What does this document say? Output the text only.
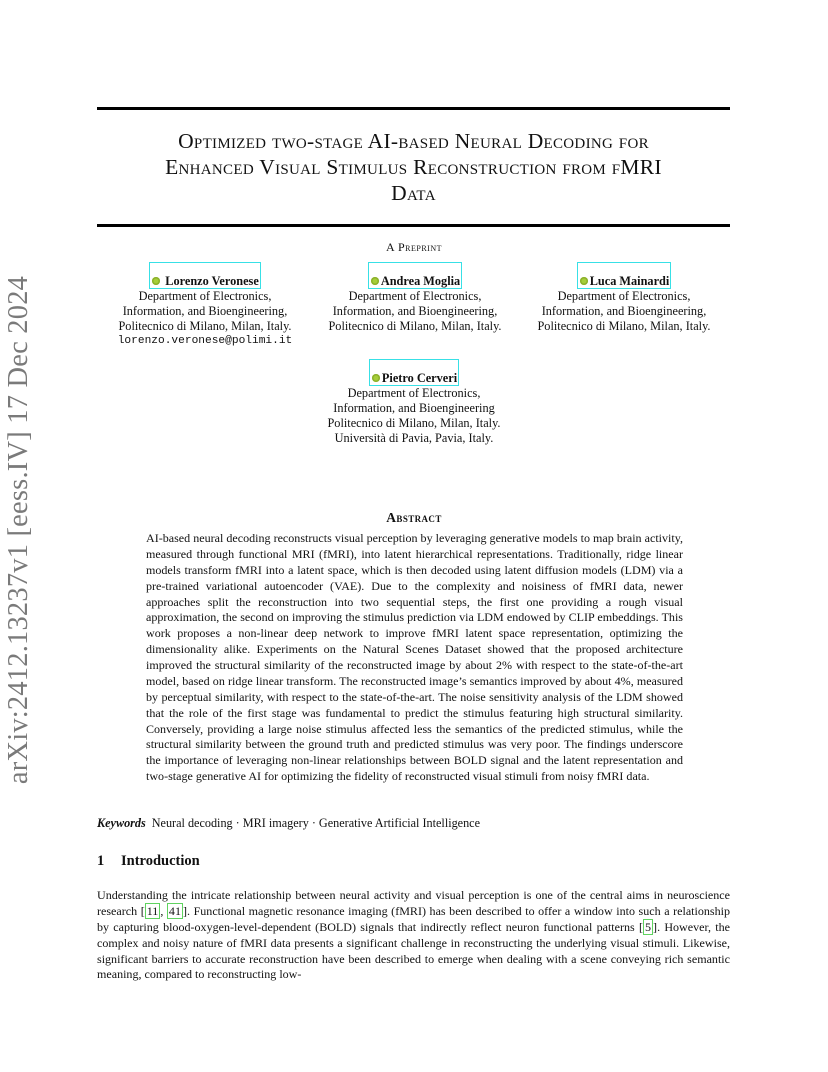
arXiv:2412.13237v1 [eess.IV] 17 Dec 2024
Optimized two-stage AI-based Neural Decoding for
Enhanced Visual Stimulus Reconstruction from fMRI
Data
A Preprint
Lorenzo Veronese
Department of Electronics,
Information, and Bioengineering,
Politecnico di Milano, Milan, Italy.
lorenzo.veronese@polimi.it
Andrea Moglia
Department of Electronics,
Information, and Bioengineering,
Politecnico di Milano, Milan, Italy.
Luca Mainardi
Department of Electronics,
Information, and Bioengineering,
Politecnico di Milano, Milan, Italy.
Pietro Cerveri
Department of Electronics,
Information, and Bioengineering
Politecnico di Milano, Milan, Italy.
Università di Pavia, Pavia, Italy.
Abstract
AI-based neural decoding reconstructs visual perception by leveraging generative models to map brain activity, measured through functional MRI (fMRI), into latent hierarchical representations. Traditionally, ridge linear models transform fMRI into a latent space, which is then decoded using latent diffusion models (LDM) via a pre-trained variational autoencoder (VAE). Due to the complexity and noisiness of fMRI data, newer approaches split the reconstruction into two sequential steps, the first one providing a rough visual approximation, the second on improving the stimulus prediction via LDM endowed by CLIP embeddings. This work proposes a non-linear deep network to improve fMRI latent space representation, optimizing the dimensionality alike. Experiments on the Natural Scenes Dataset showed that the proposed architecture improved the structural similarity of the reconstructed image by about 2% with respect to the state-of-the-art model, based on ridge linear transform. The reconstructed image’s semantics improved by about 4%, measured by perceptual similarity, with respect to the state-of-the-art. The noise sensitivity analysis of the LDM showed that the role of the first stage was fundamental to predict the stimulus featuring high structural similarity. Conversely, providing a large noise stimulus affected less the semantics of the predicted stimulus, while the structural similarity between the ground truth and predicted stimulus was very poor. The findings underscore the importance of leveraging non-linear relationships between BOLD signal and the latent representation and two-stage generative AI for optimizing the fidelity of reconstructed visual stimuli from noisy fMRI data.
Keywords Neural decoding · MRI imagery · Generative Artificial Intelligence
1 Introduction
Understanding the intricate relationship between neural activity and visual perception is one of the central aims in neuroscience research [ 11 , 41 ]. Functional magnetic resonance imaging (fMRI) has been described to offer a window into such a relationship by capturing blood-oxygen-level-dependent (BOLD) signals that indirectly reflect neuron functional patterns [ 5 ]. However, the complex and noisy nature of fMRI data presents a significant challenge in reconstructing the underlying visual stimuli. Likewise, significant barriers to accurate reconstruction have been described to emerge when dealing with a scene conveying rich semantic meaning, compared to reconstructing low-
